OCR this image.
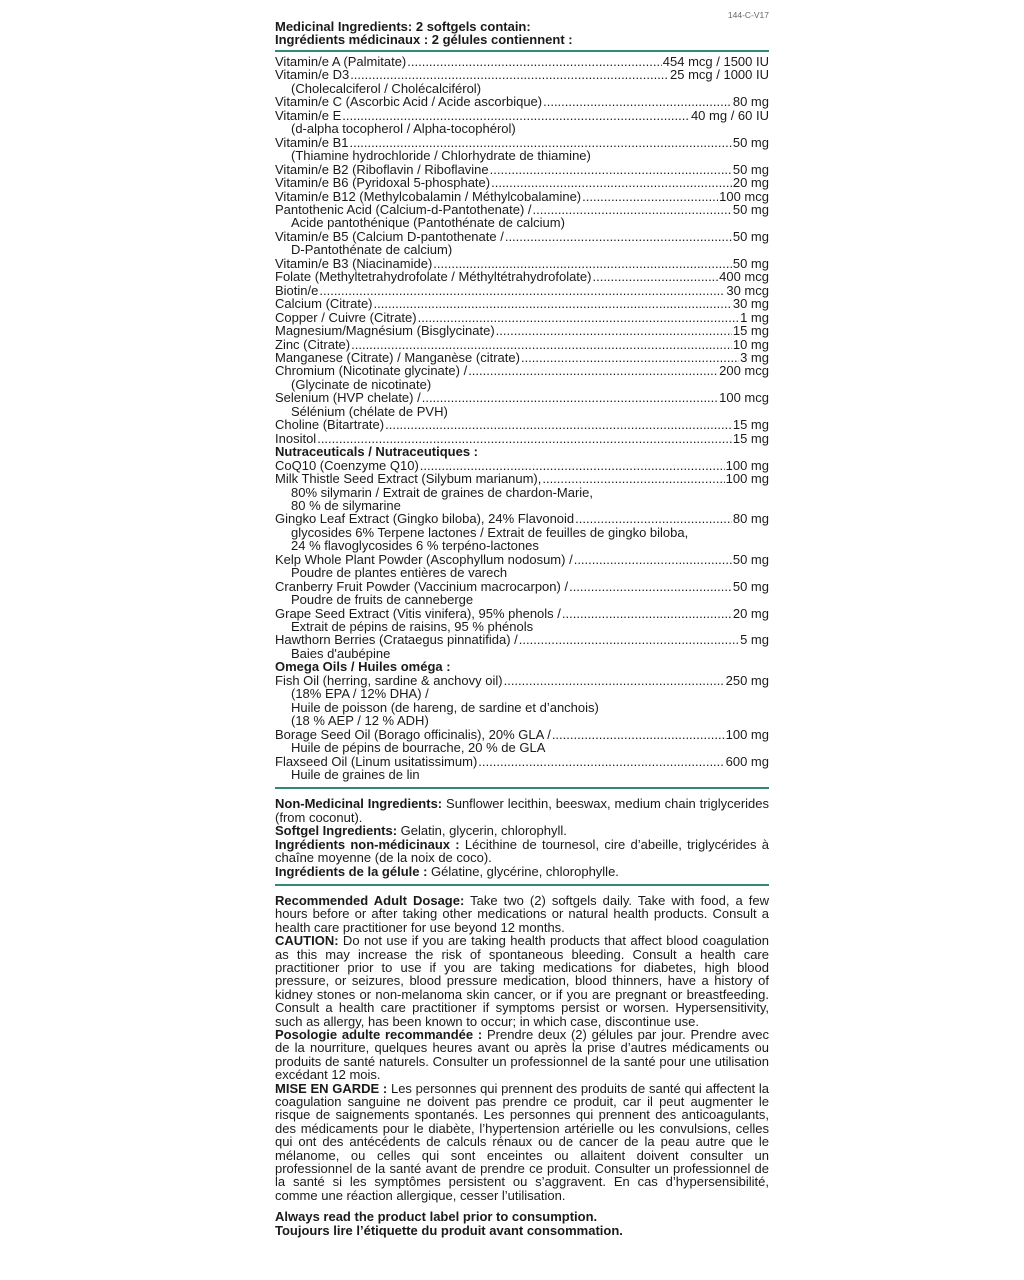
144-C-V17
Medicinal Ingredients: 2 softgels contain:
Ingrédients médicinaux : 2 gélules contiennent :
Vitamin/e A (Palmitate) .....	454 mcg / 1500 IU
Vitamin/e D3 .....	25 mcg / 1000 IU
(Cholecalciferol / Cholécalciférol)
Vitamin/e C (Ascorbic Acid / Acide ascorbique) .....	80 mg
Vitamin/e E .....	40 mg / 60 IU
(d-alpha tocopherol / Alpha-tocophérol)
Vitamin/e B1 .....	50 mg
(Thiamine hydrochloride / Chlorhydrate de thiamine)
Vitamin/e B2 (Riboflavin / Riboflavine .....	50 mg
Vitamin/e B6 (Pyridoxal 5-phosphate) .....	20 mg
Vitamin/e B12 (Methylcobalamin / Méthylcobalamine) .....	100 mcg
Pantothenic Acid (Calcium-d-Pantothenate) / .....	50 mg
Acide pantothénique (Pantothénate de calcium)
Vitamin/e B5 (Calcium D-pantothenate / .....	50 mg
D-Pantothénate de calcium)
Vitamin/e B3 (Niacinamide) .....	50 mg
Folate (Methyltetrahydrofolate / Méthyltétrahydrofolate) .....	400 mcg
Biotin/e .....	30 mcg
Calcium (Citrate) .....	30 mg
Copper / Cuivre (Citrate) .....	1 mg
Magnesium/Magnésium (Bisglycinate) .....	15 mg
Zinc (Citrate) .....	10 mg
Manganese (Citrate) / Manganèse (citrate) .....	3 mg
Chromium (Nicotinate glycinate) / .....	200 mcg
(Glycinate de nicotinate)
Selenium (HVP chelate) / .....	100 mcg
Sélénium (chélate de PVH)
Choline (Bitartrate) .....	15 mg
Inositol .....	15 mg
Nutraceuticals / Nutraceutiques :
CoQ10 (Coenzyme Q10) .....	100 mg
Milk Thistle Seed Extract (Silybum marianum), .....	100 mg
80% silymarin / Extrait de graines de chardon-Marie,
80 % de silymarine
Gingko Leaf Extract (Gingko biloba), 24% Flavonoid .....	80 mg
glycosides 6% Terpene lactones / Extrait de feuilles de gingko biloba,
24 % flavoglycosides 6 % terpéno-lactones
Kelp Whole Plant Powder (Ascophyllum nodosum) / .....	50 mg
Poudre de plantes entières de varech
Cranberry Fruit Powder (Vaccinium macrocarpon) / .....	50 mg
Poudre de fruits de canneberge
Grape Seed Extract (Vitis vinifera), 95% phenols / .....	20 mg
Extrait de pépins de raisins, 95 % phénols
Hawthorn Berries (Crataegus pinnatifida) / .....	5 mg
Baies d'aubépine
Omega Oils / Huiles oméga :
Fish Oil (herring, sardine & anchovy oil) .....	250 mg
(18% EPA / 12% DHA) /
Huile de poisson (de hareng, de sardine et d’anchois)
(18 % AEP / 12 % ADH)
Borage Seed Oil (Borago officinalis), 20% GLA / .....	100 mg
Huile de pépins de bourrache, 20 % de GLA
Flaxseed Oil (Linum usitatissimum) .....	600 mg
Huile de graines de lin
Non-Medicinal Ingredients: Sunflower lecithin, beeswax, medium chain triglycerides (from coconut).
Softgel Ingredients: Gelatin, glycerin, chlorophyll.
Ingrédients non-médicinaux : Lécithine de tournesol, cire d’abeille, triglycérides à chaîne moyenne (de la noix de coco).
Ingrédients de la gélule : Gélatine, glycérine, chlorophylle.
Recommended Adult Dosage: Take two (2) softgels daily. Take with food, a few hours before or after taking other medications or natural health products. Consult a health care practitioner for use beyond 12 months.
CAUTION: Do not use if you are taking health products that affect blood coagulation as this may increase the risk of spontaneous bleeding. Consult a health care practitioner prior to use if you are taking medications for diabetes, high blood pressure, or seizures, blood pressure medication, blood thinners, have a history of kidney stones or non-melanoma skin cancer, or if you are pregnant or breastfeeding. Consult a health care practitioner if symptoms persist or worsen. Hypersensitivity, such as allergy, has been known to occur; in which case, discontinue use.
Posologie adulte recommandée : Prendre deux (2) gélules par jour. Prendre avec de la nourriture, quelques heures avant ou après la prise d’autres médicaments ou produits de santé naturels. Consulter un professionnel de la santé pour une utilisation excédant 12 mois.
MISE EN GARDE : Les personnes qui prennent des produits de santé qui affectent la coagulation sanguine ne doivent pas prendre ce produit, car il peut augmenter le risque de saignements spontanés. Les personnes qui prennent des anticoagulants, des médicaments pour le diabète, l’hypertension artérielle ou les convulsions, celles qui ont des antécédents de calculs rénaux ou de cancer de la peau autre que le mélanome, ou celles qui sont enceintes ou allaitent doivent consulter un professionnel de la santé avant de prendre ce produit. Consulter un professionnel de la santé si les symptômes persistent ou s’aggravent. En cas d’hypersensibilité, comme une réaction allergique, cesser l’utilisation.
Always read the product label prior to consumption.
Toujours lire l’étiquette du produit avant consommation.
